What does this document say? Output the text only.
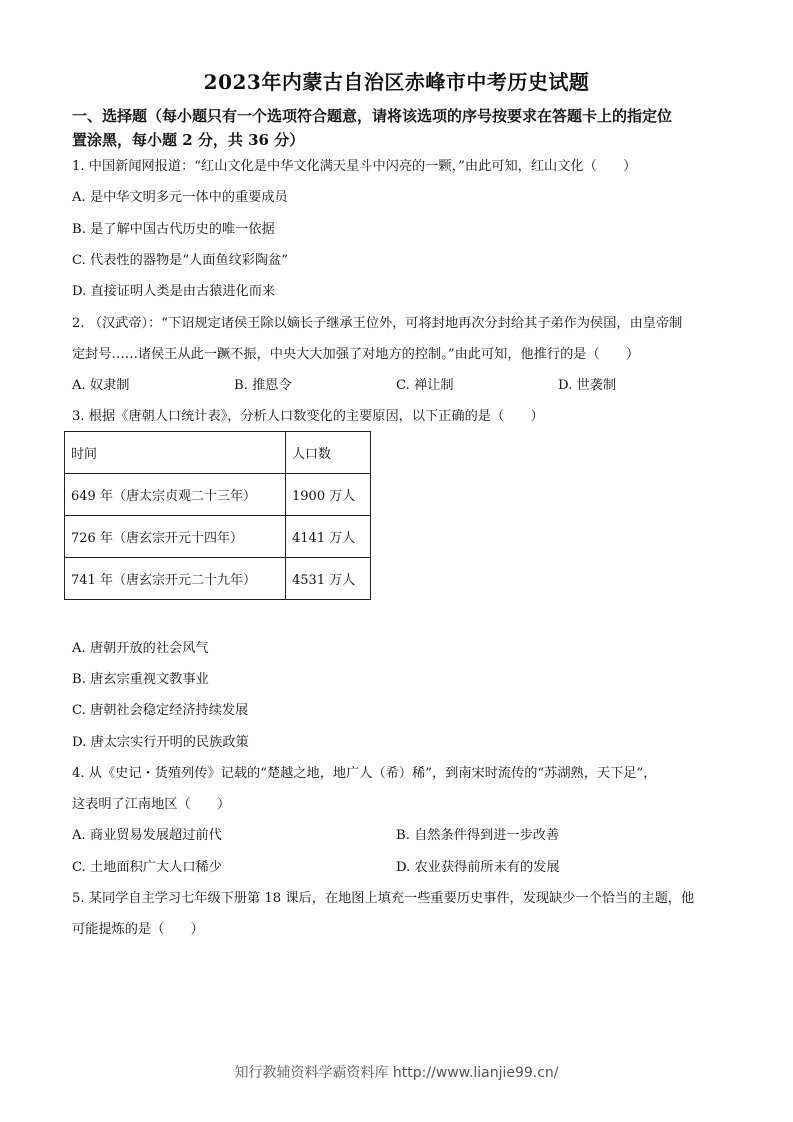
2023年内蒙古自治区赤峰市中考历史试题
一、选择题（每小题只有一个选项符合题意，请将该选项的序号按要求在答题卡上的指定位
置涂黑，每小题 2 分，共 36 分）
1. 中国新闻网报道：“红山文化是中华文化满天星斗中闪亮的一颗，”由此可知，红山文化（　　）
A. 是中华文明多元一体中的重要成员
B. 是了解中国古代历史的唯一依据
C. 代表性的器物是“人面鱼纹彩陶盆”
D. 直接证明人类是由古猿进化而来
2. （汉武帝）：“下诏规定诸侯王除以嫡长子继承王位外，可将封地再次分封给其子弟作为侯国，由皇帝制
定封号……诸侯王从此一蹶不振，中央大大加强了对地方的控制。”由此可知，他推行的是（　　）
A. 奴隶制	B. 推恩令	C. 禅让制	D. 世袭制
3. 根据《唐朝人口统计表》，分析人口数变化的主要原因，以下正确的是（　　）
时间	人口数
649 年（唐太宗贞观二十三年）	1900 万人
726 年（唐玄宗开元十四年）	4141 万人
741 年（唐玄宗开元二十九年）	4531 万人
A. 唐朝开放的社会风气
B. 唐玄宗重视文教事业
C. 唐朝社会稳定经济持续发展
D. 唐太宗实行开明的民族政策
4. 从《史记・货殖列传》记载的“楚越之地，地广人（希）稀”，到南宋时流传的“苏湖熟，天下足”，
这表明了江南地区（　　）
A. 商业贸易发展超过前代	B. 自然条件得到进一步改善
C. 土地面积广大人口稀少	D. 农业获得前所未有的发展
5. 某同学自主学习七年级下册第 18 课后，在地图上填充一些重要历史事件，发现缺少一个恰当的主题，他
可能提炼的是（　　）
知行教辅资料学霸资料库 http://www.lianjie99.cn/
